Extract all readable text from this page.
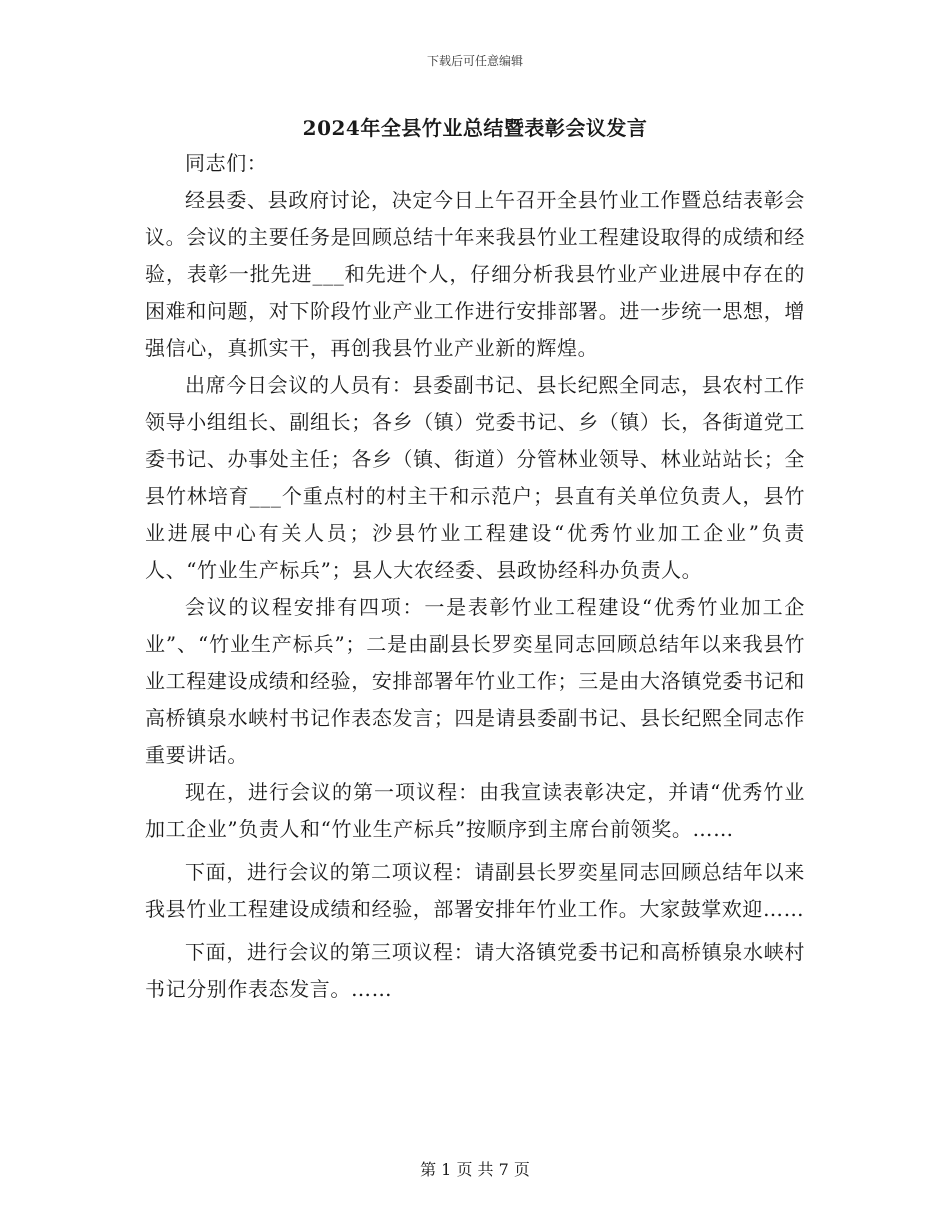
下载后可任意编辑
2024年全县竹业总结暨表彰会议发言

同志们：

经县委、县政府讨论，决定今日上午召开全县竹业工作暨总结表彰会议。会议的主要任务是回顾总结十年来我县竹业工程建设取得的成绩和经验，表彰一批先进___和先进个人，仔细分析我县竹业产业进展中存在的困难和问题，对下阶段竹业产业工作进行安排部署。进一步统一思想，增强信心，真抓实干，再创我县竹业产业新的辉煌。

出席今日会议的人员有：县委副书记、县长纪熙全同志，县农村工作领导小组组长、副组长；各乡（镇）党委书记、乡（镇）长，各街道党工委书记、办事处主任；各乡（镇、街道）分管林业领导、林业站站长；全县竹林培育___个重点村的村主干和示范户；县直有关单位负责人，县竹业进展中心有关人员；沙县竹业工程建设“优秀竹业加工企业”负责人、“竹业生产标兵”；县人大农经委、县政协经科办负责人。

会议的议程安排有四项：一是表彰竹业工程建设“优秀竹业加工企业”、“竹业生产标兵”；二是由副县长罗奕星同志回顾总结年以来我县竹业工程建设成绩和经验，安排部署年竹业工作；三是由大洛镇党委书记和高桥镇泉水峡村书记作表态发言；四是请县委副书记、县长纪熙全同志作重要讲话。

现在，进行会议的第一项议程：由我宣读表彰决定，并请“优秀竹业加工企业”负责人和“竹业生产标兵”按顺序到主席台前领奖。……

下面，进行会议的第二项议程：请副县长罗奕星同志回顾总结年以来我县竹业工程建设成绩和经验，部署安排年竹业工作。大家鼓掌欢迎……

下面，进行会议的第三项议程：请大洛镇党委书记和高桥镇泉水峡村书记分别作表态发言。……

第 1 页 共 7 页
